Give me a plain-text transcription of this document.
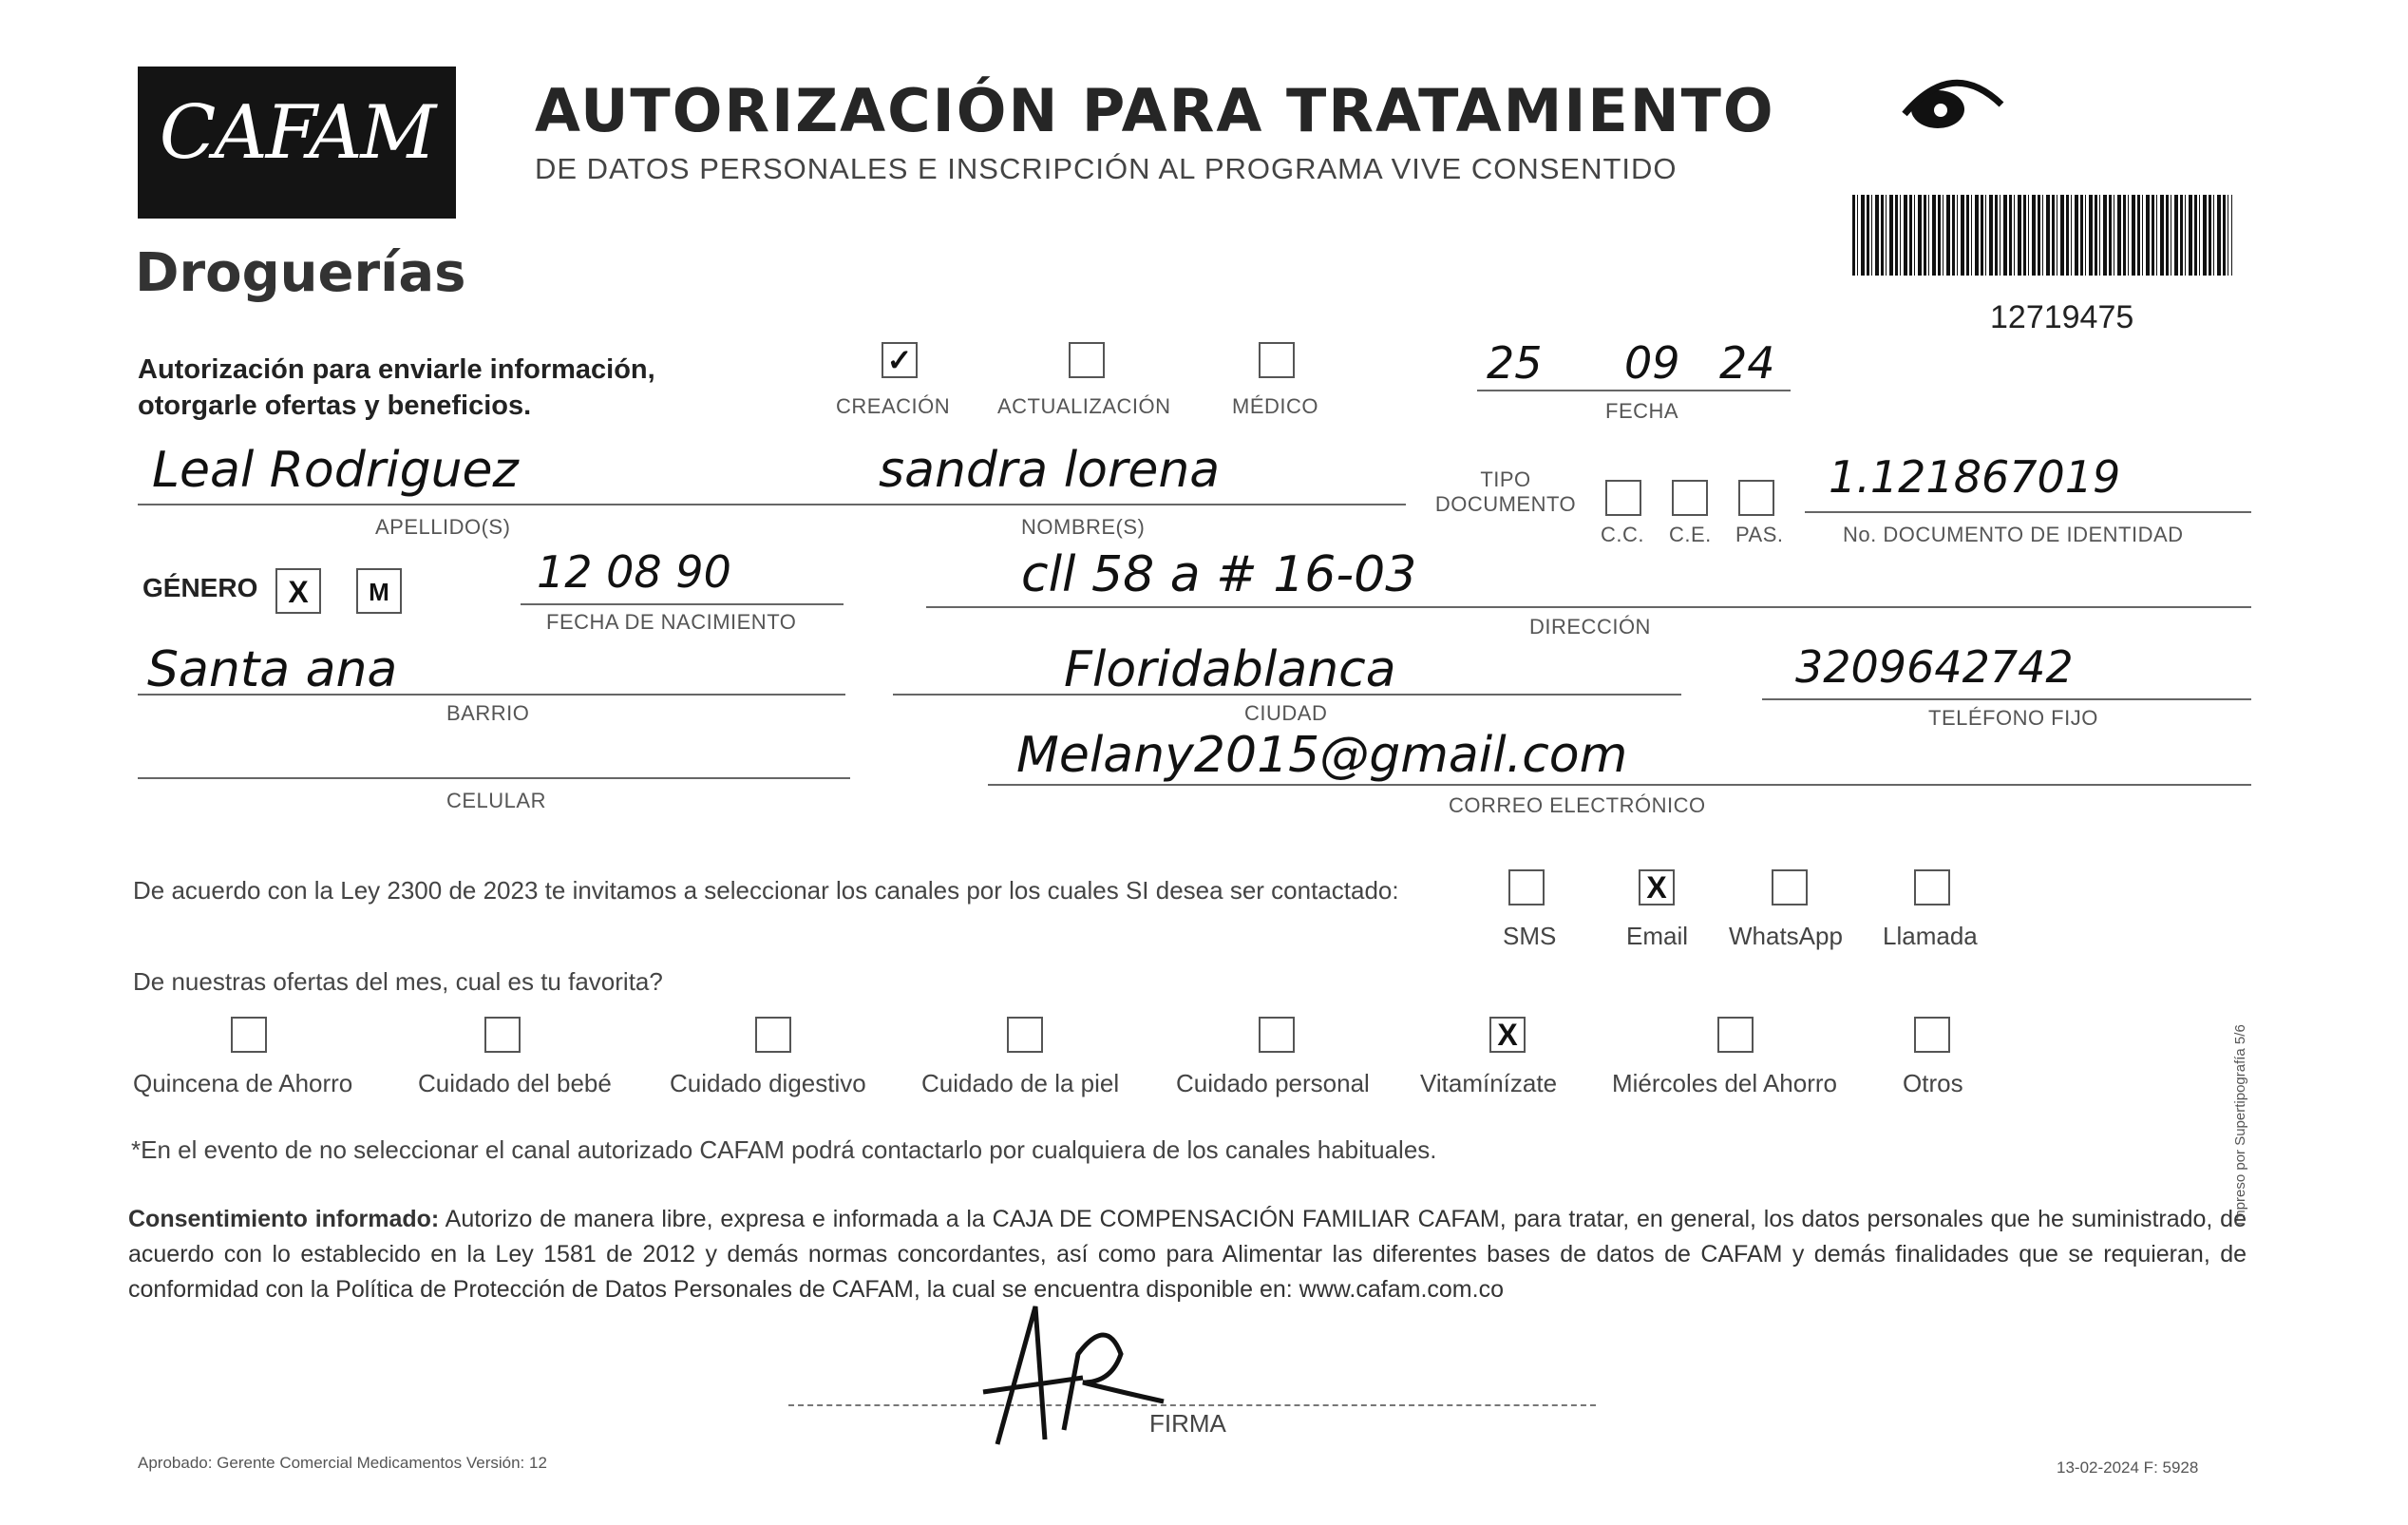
CAFAM
Droguerías
AUTORIZACIÓN PARA TRATAMIENTO
DE DATOS PERSONALES E INSCRIPCIÓN AL PROGRAMA VIVE CONSENTIDO
12719475
Autorización para enviarle información, otorgarle ofertas y beneficios.
✓
CREACIÓN ACTUALIZACIÓN	MÉDICO
25 09 24
FECHA
Leal Rodriguez
APELLIDO(S)
sandra lorena
NOMBRE(S)
TIPO DOCUMENTO
C.C. C.E. PAS.
1.121867019
No. DOCUMENTO DE IDENTIDAD
GÉNERO X	M	12 08 90
FECHA DE NACIMIENTO
cll 58 a # 16-03
DIRECCIÓN
Santa ana
BARRIO
Floridablanca
CIUDAD
3209642742
TELÉFONO FIJO
CELULAR
Melany2015@gmail.com
CORREO ELECTRÓNICO
De acuerdo con la Ley 2300 de 2023 te invitamos a seleccionar los canales por los cuales SI desea ser contactado:
SMS
X
Email WhatsApp Llamada
De nuestras ofertas del mes, cual es tu favorita?
Quincena de Ahorro	Cuidado del bebé Cuidado digestivo Cuidado de la piel Cuidado personal
X
Vitamínízate Miércoles del Ahorro	Otros
*En el evento de no seleccionar el canal autorizado CAFAM podrá contactarlo por cualquiera de los canales habituales.
Consentimiento informado: Autorizo de manera libre, expresa e informada a la CAJA DE COMPENSACIÓN FAMILIAR CAFAM, para tratar, en general, los datos personales que he suministrado, de acuerdo con lo establecido en la Ley 1581 de 2012 y demás normas concordantes, así como para Alimentar las diferentes bases de datos de CAFAM y demás finalidades que se requieran, de conformidad con la Política de Protección de Datos Personales de CAFAM, la cual se encuentra disponible en: www.cafam.com.co
FIRMA
Aprobado: Gerente Comercial Medicamentos Versión: 12	13-02-2024 F: 5928
Impreso por Supertipografía 5/6
